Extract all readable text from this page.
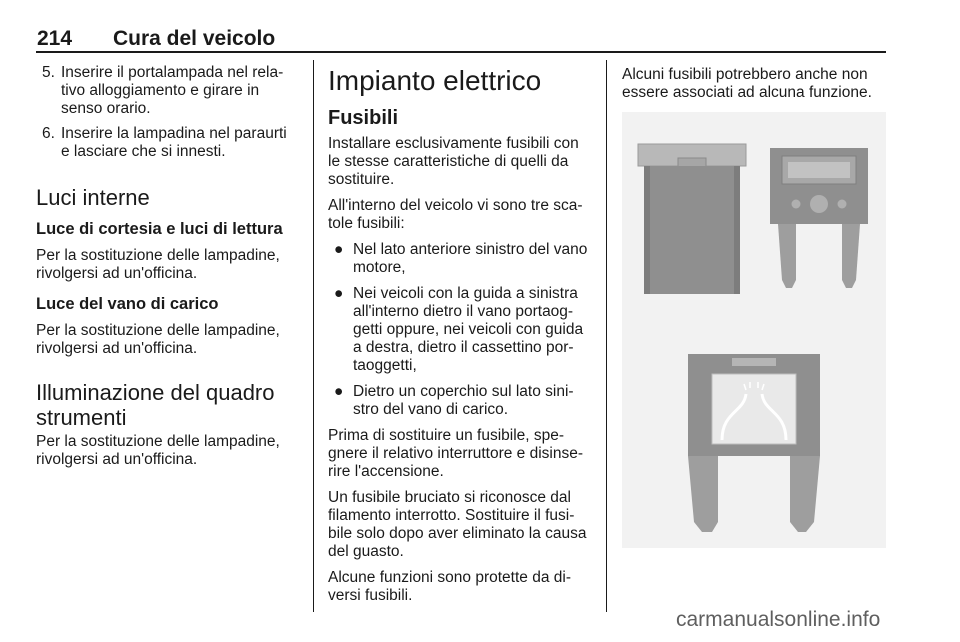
214 Cura del veicolo
5. Inserire il portalampada nel rela-tivo alloggiamento e girare in senso orario.
6. Inserire la lampadina nel paraurti e lasciare che si innesti.
Luci interne
Luce di cortesia e luci di lettura
Per la sostituzione delle lampadine, rivolgersi ad un'officina.
Luce del vano di carico
Per la sostituzione delle lampadine, rivolgersi ad un'officina.
Illuminazione del quadro strumenti
Per la sostituzione delle lampadine, rivolgersi ad un'officina.
Impianto elettrico
Fusibili
Installare esclusivamente fusibili con le stesse caratteristiche di quelli da sostituire.
All'interno del veicolo vi sono tre sca-tole fusibili:
● Nel lato anteriore sinistro del vano motore,
● Nei veicoli con la guida a sinistra all'interno dietro il vano portaog-getti oppure, nei veicoli con guida a destra, dietro il cassettino por-taoggetti,
● Dietro un coperchio sul lato sini-stro del vano di carico.
Prima di sostituire un fusibile, spe-gnere il relativo interruttore e disinse-rire l'accensione.
Un fusibile bruciato si riconosce dal filamento interrotto. Sostituire il fusi-bile solo dopo aver eliminato la causa del guasto.
Alcune funzioni sono protette da di-versi fusibili.
Alcuni fusibili potrebbero anche non essere associati ad alcuna funzione.
carmanualsonline.info
